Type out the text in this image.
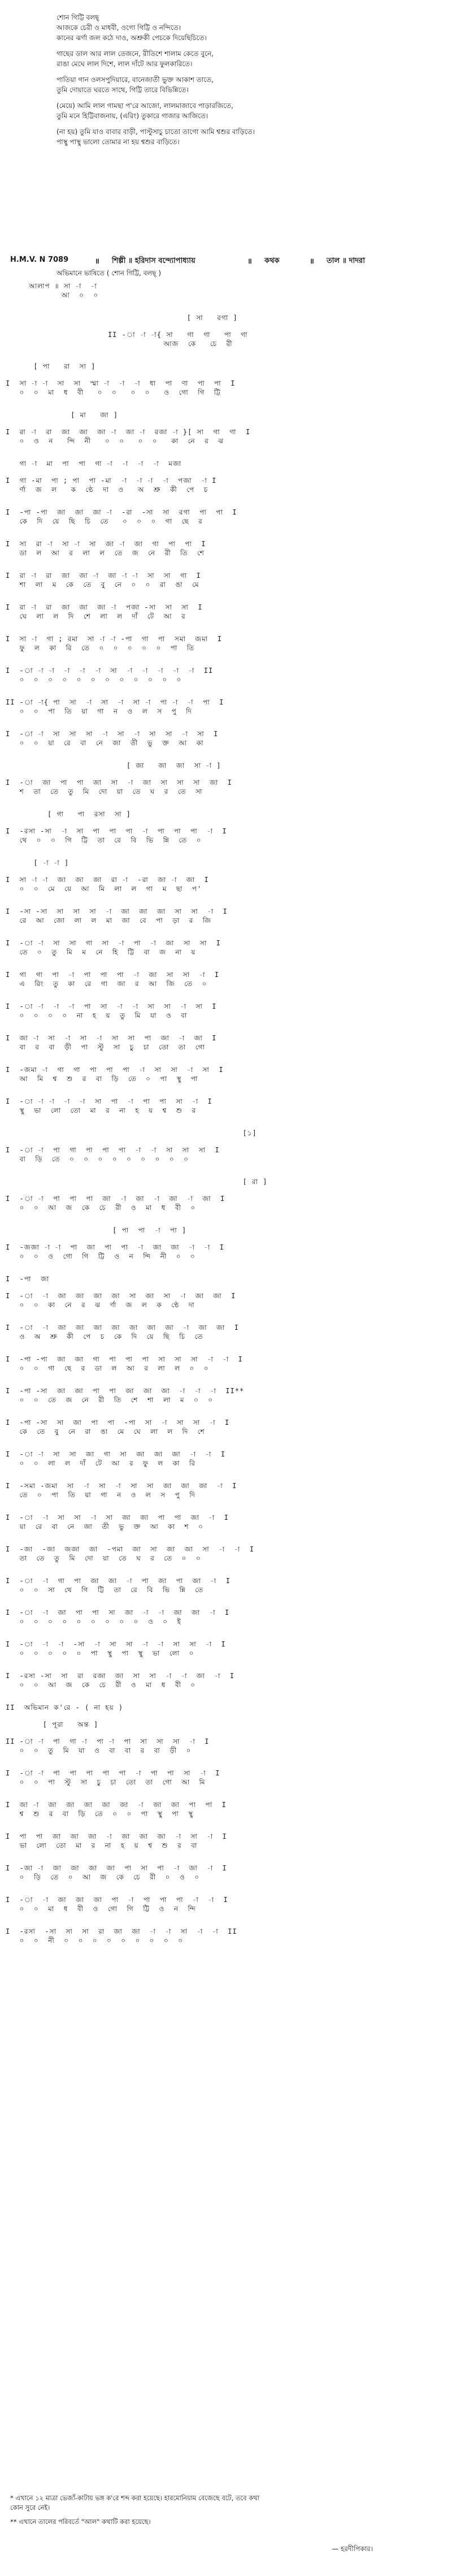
শোন গিট্টি বলছ্

আজকে চেরী ও মাধবী, ওগো গিট্টি ও নন্দিতে।

কানের ঝর্ণা জল কঠে দাও, অশ্রুকী পেচকে দিয়েছিচিতে।

গাছের ডাল আর লাল তেজনে, রীতিশে শালাম কেতে বুনে,

রাঙা মেঘে লাল দিশে, লাল দাঁটে আর ফুলকারিতে।

পাতিয়া গান ওলসপুদিয়ারে, বানেজাতী ভুক্ত আকাশ তাতে,

তুমি দোয়াতে ঘরতে সাথে, গিট্টি তারে বিভিন্নিতে।

(মেয়ে) আমি লাল গামছা প'রে আজো, লালমাজাবে পাড়ারজিতে,

তুমি মনে হিট্টিবাজনায়, (এরিং) তুকারে গাজার আজিতে।

(না হয়) তুমি যাও বাবার বাড়ী, পাস্টুসাচু চাতো তাগো আমি শ্বশুর বাড়িতে।

পাস্থু পাস্থু ভালো তোমার না হয় শ্বশুর বাড়িতে।

H.M.V. N 7089	॥ শিল্পী ॥ হরিদাস বন্দ্যোপাধ্যায়	॥ কথক	॥ তাল ॥ দাদরা
অভিমানে ভাষিতে ( শোন গিট্টি, বলছ্ )
আলাপ ॥ সা -া  -া
আ  ০  ০
[ সা   রগা ]
II -া -া -া{ সা   গা  গা   পা  গা
আজ  কে   চে  রী
[ পা   রা  সা ]
I  সা -া -া  সা  সা  স্মা -া  -া  -া  ধা  পা  ণা  পা  পা  I
০  ০  মা  ধ  বী   ০  ০   ০  ০   ও  গো  গি  ট্টি
[ মা   জা ]
I  রা -া  রা  জা  জা  জা -া  জা -া  রজা -া }[ সা  গা  গা  I
০  ও  ন   ন্দি  নী   ০  ০   ০  ০   কা  নে  র  ঝ
গা -া  মা  পা  পা  গা -া  -া  -া  -া  মজা
I  গা -মা  পা ; পা  পা -মা  -া  -া -া  -া  পজা  -া I
র্ণা  জ  ল   ক  ণ্ঠে  দা  ও   অ  শ্রু  কী  পে  চ
I  -পা -পা  জা  জা  জা -া  -রা  -সা  সা  রগা  পা  পা  I
কে  দি  য়ে  ছি  চি  তে   ০  ০  ০  গা  ছে  র
I  সা  রা -া  সা -া  সা  জা -া  জা  গা  পা  পা  I
ডা  ল  আ  র  লা  ল  তে  জ  নে  রী  তি  শে
I  রা -া  রা  জা  জা -া  জা -া -া  সা  সা  গা  I
শা  লা  ম  কে  তে  বু  নে  ০  ০  রা  ঙা  মে
I  রা -া  রা  জা  জা  জা -া  পজা -সা  সা  সা  I
ঘে  লা  ল  দি  শে  লা  ল  দাঁ  টে  আ  র
I  সা -া  গা ; রমা  সা -া -া -পা  গা  পা  সমা  জমা  I
ফু  ল  কা  রি  তে  ০  ০  ০  ০  ০  পা  তি
I  -া -া -া  -া  -া  -া  সা  -া  -া  -া  -া  -া  II
০  ০  ০  ০  ০  ০  ০  ০  ০  ০  ০  ০
II -া -া{ পা  সা  -া  সা  -া  সা -া  পা -া  -া  পা  I
০  ০  পা  তি  য়া  গা  ন  ও  ল  স  পু  দি
I  -া -া  সা  সা  সা  -া  সা  -া  সা  সা  -া  সা  I
০  ০  য়া  রে  বা  নে  জা  তী  ভু  ক্ত  আ  কা
[ জা   জা  জা  সা -া ]
I  -া  জা  পা  পা  জা  সা  -া  জা  সা  সা  সা  জা  I
শ  তা  তে  তু  মি  দো  য়া  তে  ঘ  র  তে  সা
[ গা   পা  রসা  সা ]
I  -রসা -সা  -া  সা  পা  পা  পা  -া  পা  পা  পা  -া  I
থে  ০  ০  গি  ট্টি  তা  রে  বি  ভি  ন্নি  তে  ০
[ -া -া ]
I  সা -া -া  জা  জা  জা  রা -া  -রা  জা -া  জা  I
০  ০  মে  য়ে  আ  মি  লা  ল  গা  ম  ছা  প'
I  -সা -সা  সা  সা  সা  -া  জা  জা  জা  সা  সা  -া  I
রে  আ  জো  লা  ল  মা  জা  বে  পা  ড়া  র  জি
I  -া -া  সা  সা  গা  সা  -া  পা  -া  জা  সা  সা  I
তে  ০  তু  মি  ম  নে  হি  ট্টি  বা  জ  না  য়
I  গা  গা  পা  -া  পা  পা  পা  -া  জা  সা  সা  -া  I
এ  রিং  তু  কা  রে  গা  জা  র  আ  জি  তে  ০
I  -া -া  -া  -া  পা  সা  -া  -া  সা  সা  -া  সা  I
০  ০  ০  ০  না  হ  য়  তু  মি  যা  ও  বা
I  জা -া  সা  -া  সা  -া  সা  সা  পা  জা  -া  জা  I
বা  র  বা  ড়ী  পা  স্টু  সা  চু  চা  তো  তা  গো
I  -জমা -া  গা  গা  পা  পা  পা  -া  সা  সা  -া  সা  I
আ  মি  শ্ব  শু  র  বা  ড়ি  তে  ০  পা  স্থু  পা
I  -া -া -া  -া  -া  সা  পা  -া  পা  পা  সা  -া  I
স্থু  ভা  লো  তো  মা  র  না  হ  য়  শ্ব  শু  র
[১]
I  -া -া  পা  গা  পা  পা  পা  -া  -া  সা  সা  সা  I
বা  ড়ি  তে  ০  ০  ০  ০  ০  ০  ০  ০  ০
[ রা ]
I  -া -া  পা  পা  পা  জা  -া  জা  -া  জা  -া  জা  I
০  ০  আ  জ  কে  চে  রী  ও  মা  ধ  বী  ০
[ পা  পা  -া  পা ]
I  -জজা -া -া  পা  জা  পা  পা  -া  জা  জা  -া  -া  I
০  ০  ও  গো  গি  ট্টি  ও  ন  ন্দি  নী  ০  ০
I  -পা  জা
I  -া  -া  জা  জা  জা  জা  সা  জা  সা  -া  জা  জা  I
০  ০  কা  নে  র  ঝ  র্ণা  জ  ল  ক  ণ্ঠে  দা
I  -া  -া  জা  জা  জা  জা  জা  জা  জা  -া  জা  জা  I
ও  অ  শ্রু  কী  পে  চ  কে  দি  য়ে  ছি  চি  তে
I  -পা -পা  জা  জা  গা  পা  পা  পা  সা  সা  সা  -া  -া  I
০  ০  গা  ছে  র  ডা  ল  আ  র  লা  ল  ০  ০
I  -পা -সা  জা  জা  পা  পা  জা  জা  জা  -া  -া  -া  II**
০  ০  তে  জ  নে  রী  তি  শে  শা  লা  ম  ০  ০
I  -পা -সা  সা  জা  পা  পা  -পা  সা  -া  সা  সা  -া  I
কে  তে  বু  নে  রা  ঙা  মে  ঘে  লা  ল  দি  শে
I  -া -া  সা  সা  জা  গা  সা  জা  জা  জা  -া  -া  I
০  ০  লা  ল  দাঁ  টে  আ  র  ফু  ল  কা  রি
I  -সমা -জমা  সা  -া  সা  -া  সা  সা  জা  জা  জা  -া  I
তে  ০  পা  তি  য়া  গা  ন  ও  ল  স  পু  দি
I  -া  -া  সা  সা  -া  সা  জা  জা  পা  পা  জা  -া  I
য়া  রে  বা  নে  জা  তী  ভু  ক্ত  আ  কা  শ  ০
I  -জা  -জা  জজা  জা  -পমা  জা  সা  জা  জা  সা  -া  -া  I
তা  তে  তু  মি  দো  য়া  তে  ঘ  র  তে  ০  ০
I  -া  -া  গা  পা  জা  জা  -া  পা  জা  পা  জা  -া  I
০  ০  সা  থে  গি  ট্টি  তা  রে  বি  ভি  ন্নি  তে
I  -া  -া  জা  পা  পা  সা  জা  -া  -া  জা  জা  -া  I
০  ০  ০  ০  ০  ০  ০  ০  ০  ও  ০  ই
I  -া  -া  -া  -সা  -া  সা  সা  -া  -া  সা  সা  -া  I
০  ০  ০  ০  ০  পা  স্থু  পা  স্থু  ভা  লো  ০
I  -রসা -সা  সা  রা  রজা  জা  সা  সা  -া  -া  জা  -া  I
০  ০  আ  জ  কে  চে  রী  ও  মা  ধ  বী  ০
II  অভিমান ক'রে - ( না হয় )
[ পূরা   অন্ত ]
II -া -া  পা  গা -া  পা -া  পা  সা  সা  সা  -া  I
০  ০  তু  মি  যা  ও  বা  বা  র  বা  ড়ী  ০
I  -া -া  পা  পা  পা  পা  পা  -া  পা  পা  সা  -া  I
০  ০  পা  স্টু  সা  চু  চা  তো  তা  গো  আ  মি
I  জা -া  জা  জা  জা  জা  জা  -া  জা  জা  পা  পা  I
শ্ব  শু  র  বা  ড়ি  তে  ০  ০  পা  স্থু  পা  স্থু
I  পা  পা  জা  জা  জা  -া  জা  জা  জা  -া  সা  -া  I
ভা  লো  তো  মা  র  না  হ  য়  শ্ব  শু  র  বা
I  -জা -া  জা  জা  জা  জা  পা  সা  পা  -া  জা  -া  I
০  ড়ি  তে  ০  আ  জ  কে  চে  রী  ০  ও  ০
I  -া  -া  জা  জা  জা  পা  -া  পা  পা  পা  -া  -া  I
০  ০  মা  ধ  বী  ও  গো  গি  ট্টি  ও  ন  ন্দি
I  -রসা  -সা  সা  সা  রা  জা  জা  -া  -া  সা  -া  -া  II
০  ০  নী  ০  ০  ০  ০  ০  ০  ০  ০  ০
* এখানে ১২ মাত্রা ভেজাঁ-কাটায় ভঙ্গ ক'রে শব্দ করা হয়েছে। হারমোনিয়াম বেজেছে বটে, তবে কথা
কোন সুরে নেই।
** এখানে তালের পরিবর্তে "আল" কথাটি করা হয়েছে।
— হরদীপিকার।
